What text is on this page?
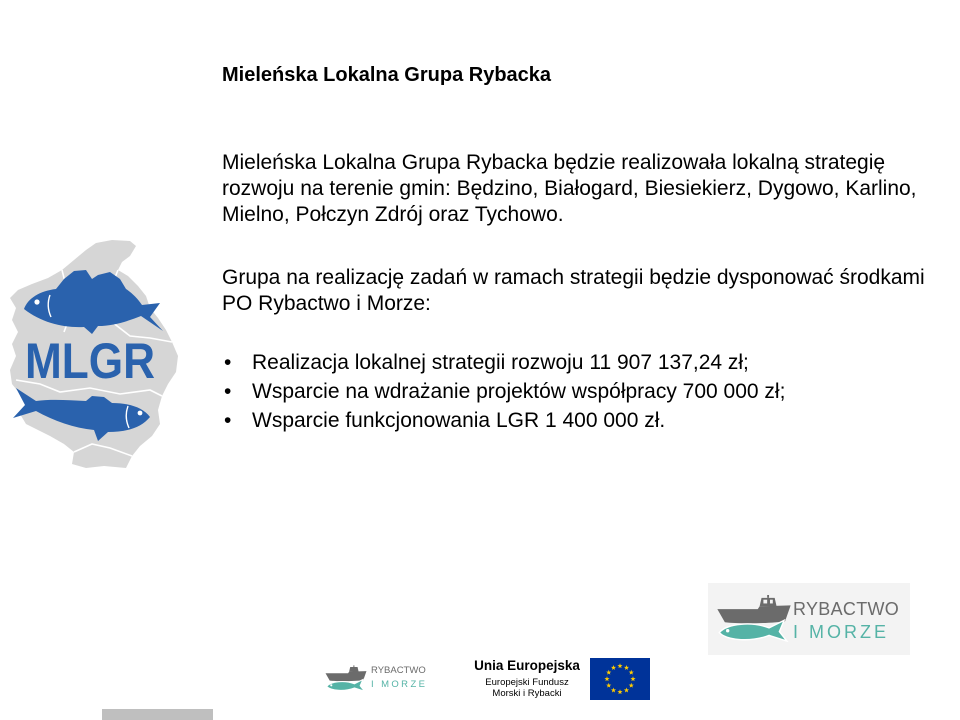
Mieleńska Lokalna Grupa Rybacka
Mieleńska Lokalna Grupa Rybacka będzie realizowała lokalną strategię
rozwoju na terenie gmin: Będzino, Białogard, Biesiekierz, Dygowo, Karlino,
Mielno, Połczyn Zdrój oraz Tychowo.
Grupa na realizację zadań w ramach strategii będzie dysponować środkami
PO Rybactwo i Morze:
• Realizacja lokalnej strategii rozwoju 11 907 137,24 zł;
• Wsparcie na wdrażanie projektów współpracy 700 000 zł;
• Wsparcie funkcjonowania LGR 1 400 000 zł.
MLGR
RYBACTWO
I MORZE
RYBACTWO
I MORZE
Unia Europejska
Europejski Fundusz
Morski i Rybacki
